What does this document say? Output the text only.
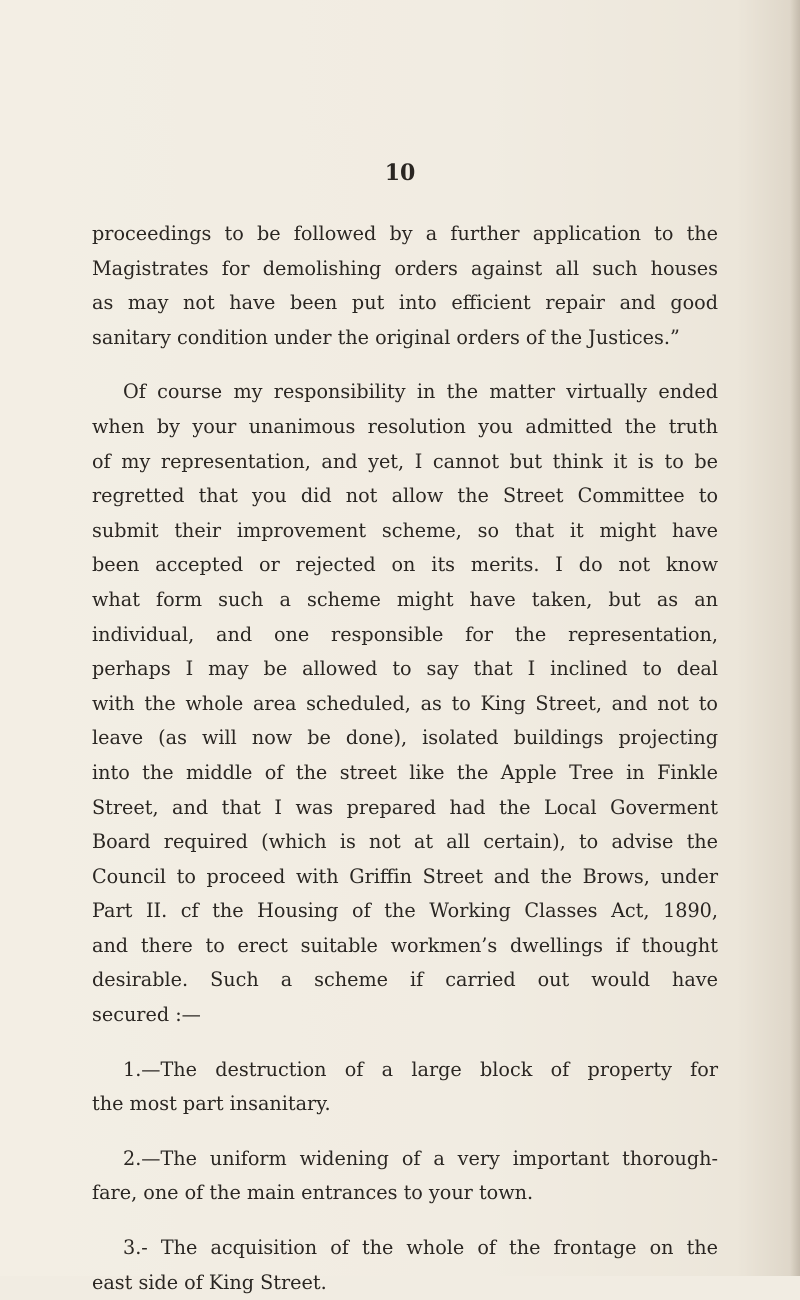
10
proceedings to be followed by a further application to the
Magistrates for demolishing orders against all such houses
as may not have been put into efficient repair and good
sanitary condition under the original orders of the Justices.”
Of course my responsibility in the matter virtually ended
when by your unanimous resolution you admitted the truth
of my representation, and yet, I cannot but think it is to be
regretted that you did not allow the Street Committee to
submit their improvement scheme, so that it might have
been accepted or rejected on its merits. I do not know
what form such a scheme might have taken, but as an
individual, and one responsible for the representation,
perhaps I may be allowed to say that I inclined to deal
with the whole area scheduled, as to King Street, and not to
leave (as will now be done), isolated buildings projecting
into the middle of the street like the Apple Tree in Finkle
Street, and that I was prepared had the Local Goverment
Board required (which is not at all certain), to advise the
Council to proceed with Griffin Street and the Brows, under
Part II. cf the Housing of the Working Classes Act, 1890,
and there to erect suitable workmen’s dwellings if thought
desirable. Such a scheme if carried out would have
secured :—
1.—The destruction of a large block of property for
the most part insanitary.
2.—The uniform widening of a very important thorough-
fare, one of the main entrances to your town.
3.- The acquisition of the whole of the frontage on the
east side of King Street.
